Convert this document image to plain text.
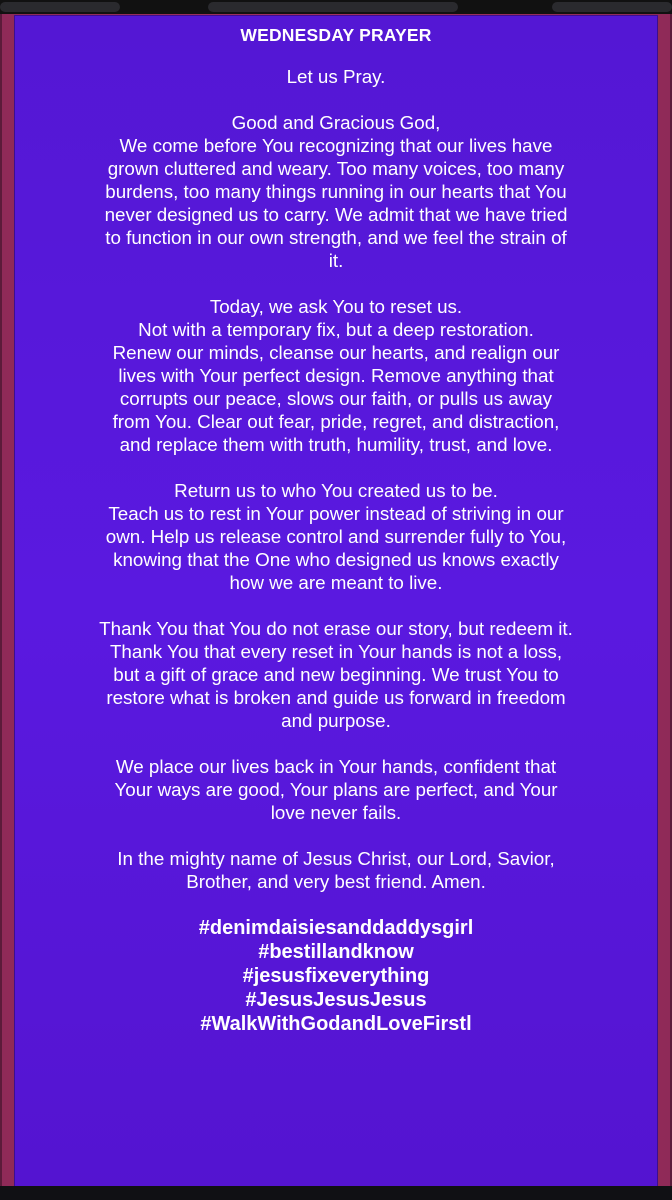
WEDNESDAY PRAYER

Let us Pray.

Good and Gracious God,
We come before You recognizing that our lives have
grown cluttered and weary. Too many voices, too many
burdens, too many things running in our hearts that You
never designed us to carry. We admit that we have tried
to function in our own strength, and we feel the strain of
it.

Today, we ask You to reset us.
Not with a temporary fix, but a deep restoration.
Renew our minds, cleanse our hearts, and realign our
lives with Your perfect design. Remove anything that
corrupts our peace, slows our faith, or pulls us away
from You. Clear out fear, pride, regret, and distraction,
and replace them with truth, humility, trust, and love.

Return us to who You created us to be.
Teach us to rest in Your power instead of striving in our
own. Help us release control and surrender fully to You,
knowing that the One who designed us knows exactly
how we are meant to live.

Thank You that You do not erase our story, but redeem it.
Thank You that every reset in Your hands is not a loss,
but a gift of grace and new beginning. We trust You to
restore what is broken and guide us forward in freedom
and purpose.

We place our lives back in Your hands, confident that
Your ways are good, Your plans are perfect, and Your
love never fails.

In the mighty name of Jesus Christ, our Lord, Savior,
Brother, and very best friend. Amen.

#denimdaisiesanddaddysgirl
#bestillandknow
#jesusfixeverything
#JesusJesusJesus
#WalkWithGodandLoveFirstl
